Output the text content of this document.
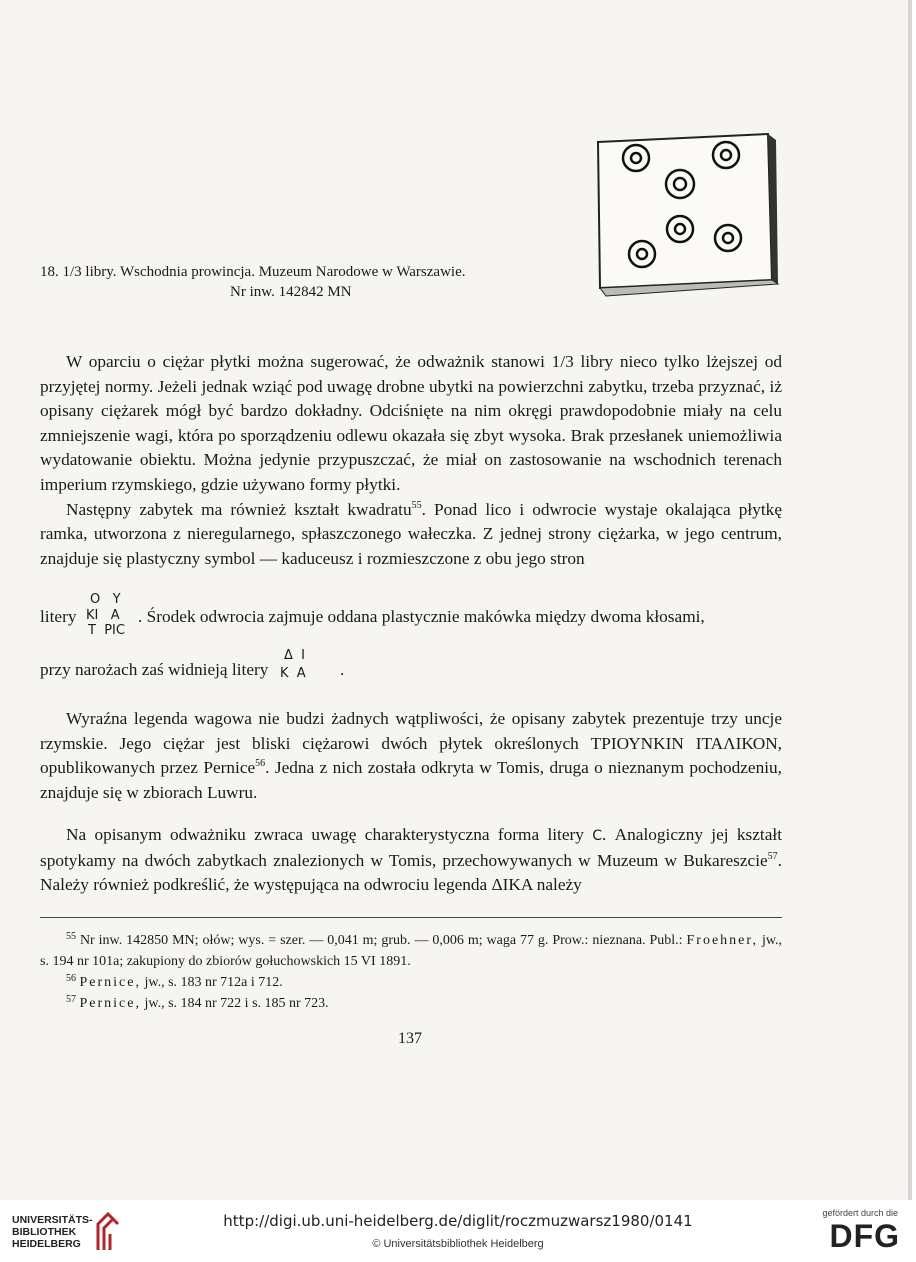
18. 1/3 libry. Wschodnia prowincja. Muzeum Narodowe w Warszawie.
Nr inw. 142842 MN

W oparciu o ciężar płytki można sugerować, że odważnik stanowi 1/3 libry nieco tylko lżejszej od przyjętej normy. Jeżeli jednak wziąć pod uwagę drobne ubytki na powierzchni zabytku, trzeba przyznać, iż opisany ciężarek mógł być bardzo dokładny. Odciśnięte na nim okręgi prawdopodobnie miały na celu zmniejszenie wagi, która po sporządzeniu odlewu okazała się zbyt wysoka. Brak przesłanek uniemożliwia wydatowanie obiektu. Można jedynie przypuszczać, że miał on zastosowanie na wschodnich terenach imperium rzymskiego, gdzie używano formy płytki.

Następny zabytek ma również kształt kwadratu$^{55}$. Ponad lico i odwrocie wystaje okalająca płytkę ramka, utworzona z nieregularnego, spłaszczonego wałeczka. Z jednej strony ciężarka, w jego centrum, znajduje się plastyczny symbol — kaduceusz i rozmieszczone z obu jego stron

litery
O   Y
KI   A
T  PIϹ
. Środek odwrocia zajmuje oddana plastycznie makówka między dwoma kłosami,
przy narożach zaś widnieją litery
Δ  I
K  A .

Wyraźna legenda wagowa nie budzi żadnych wątpliwości, że opisany zabytek prezentuje trzy uncje rzymskie. Jego ciężar jest bliski ciężarowi dwóch płytek określonych ΤΡΙΟΥΝΚΙΝ ΙΤΑΛΙΚΟΝ, opublikowanych przez Pernice$^{56}$. Jedna z nich została odkryta w Tomis, druga o nieznanym pochodzeniu, znajduje się w zbiorach Luwru.

Na opisanym odważniku zwraca uwagę charakterystyczna forma litery Ϲ. Analogiczny jej kształt spotykamy na dwóch zabytkach znalezionych w Tomis, przechowywanych w Muzeum w Bukareszcie$^{57}$. Należy również podkreślić, że występująca na odwrociu legenda ΔΙΚΑ należy

$^{55}$ Nr inw. 142850 MN; ołów; wys. = szer. — 0,041 m; grub. — 0,006 m; waga 77 g. Prow.: nieznana. Publ.: Froehner, jw., s. 194 nr 101a; zakupiony do zbiorów gołuchowskich 15 VI 1891.

$^{56}$ Pernice, jw., s. 183 nr 712a i 712.

$^{57}$ Pernice, jw., s. 184 nr 722 i s. 185 nr 723.

137
UNIVERSITÄTS-
BIBLIOTHEK
HEIDELBERG
http://digi.ub.uni-heidelberg.de/diglit/roczmuzwarsz1980/0141
© Universitätsbibliothek Heidelberg
gefördert durch die
DFG
